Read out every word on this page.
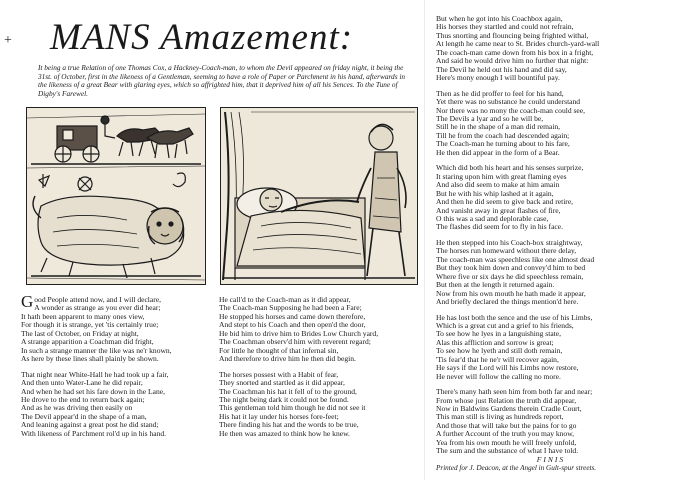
+ MANS Amazement:
It being a true Relation of one Thomas Cox, a Hackney-Coach-man, to whom the Devil appeared on friday night, it being the 31st. of October, first in the likeness of a Gentleman, seeming to have a role of Paper or Parchment in his hand, afterwards in the likeness of a great Bear with glaring eyes, which so affrighted him, that it deprived him of all his Sences. To the Tune of Digby's Farewel.
G ood People attend now, and I will declare,
A wonder as strange as you ever did hear;
It hath been apparent to many ones view,
For though it is strange, yet 'tis certainly true;
The last of October, on Friday at night,
A strange apparition a Coachman did fright,
In such a strange manner the like was ne'r known,
As here by these lines shall plainly be shown.
That night near White-Hall he had took up a fair,
And then unto Water-Lane he did repair,
And when he had set his fare down in the Lane,
He drove to the end to return back again;
And as he was driving then easily on
The Devil appear'd in the shape of a man,
And leaning against a great post he did stand;
With likeness of Parchment rol'd up in his hand.
He call'd to the Coach-man as it did appear,
The Coach-man Supposing he had been a Fare;
He stopped his horses and came down therefore,
And stept to his Coach and then open'd the door,
He bid him to drive him to Brides Low Church yard,
The Coachman observ'd him with reverent regard;
For little he thought of that infernal sin,
And therefore to drive him he then did begin.
The horses possest with a Habit of fear,
They snorted and startled as it did appear,
The Coachman his hat it fell of to the ground,
The night being dark it could not be found.
This gentleman told him though he did not see it
His hat it lay under his horses fore-feet;
There finding his hat and the words to be true,
He then was amazed to think how he knew.
But when he got into his Coachbox again,
His horses they startled and could not refrain,
Thus snorting and flouncing being frighted withal,
At length he came near to St. Brides church-yard-wall
The coach-man came down from his box in a fright,
And said he would drive him no further that night:
The Devil he held out his hand and did say,
Here's mony enough I will bountiful pay.
Then as he did proffer to feel for his hand,
Yet there was no substance he could understand
Nor there was no mony the coach-man could see,
The Devils a lyar and so he will be,
Still he in the shape of a man did remain,
Till he from the coach had descended again;
The Coach-man he turning about to his fare,
He then did appear in the form of a Bear.
Which did both his heart and his senses surprize,
It staring upon him with great flaming eyes
And also did seem to make at him amain
But he with his whip lashed at it again,
And then he did seem to give back and retire,
And vanisht away in great flashes of fire,
O this was a sad and deplorable case,
The flashes did seem for to fly in his face.
He then stepped into his Coach-box straightway,
The horses run homeward without there delay,
The coach-man was speechless like one almost dead
But they took him down and convey'd him to bed
Where five or six days he did speechless remain,
But then at the length it returned again.
Now from his own mouth he hath made it appear,
And briefly declared the things mention'd here.
He has lost both the sence and the use of his Limbs,
Which is a great cut and a grief to his friends,
To see how he lyes in a languishing state,
Alas this affliction and sorrow is great;
To see how he lyeth and still doth remain,
'Tis fear'd that he ne'r will recover again,
He says if the Lord will his Limbs now restore,
He never will follow the calling no more.
There's many hath seen him from both far and near;
From whose just Relation the truth did appear,
Now in Baldwins Gardens therein Cradle Court,
This man still is living as hundreds report,
And those that will take but the pains for to go
A further Account of the truth you may know,
Yea from his own mouth he will freely unfold,
The sum and the substance of what I have told.
FINIS
Printed for J. Deacon, at the Angel in Gult-spur streets.
